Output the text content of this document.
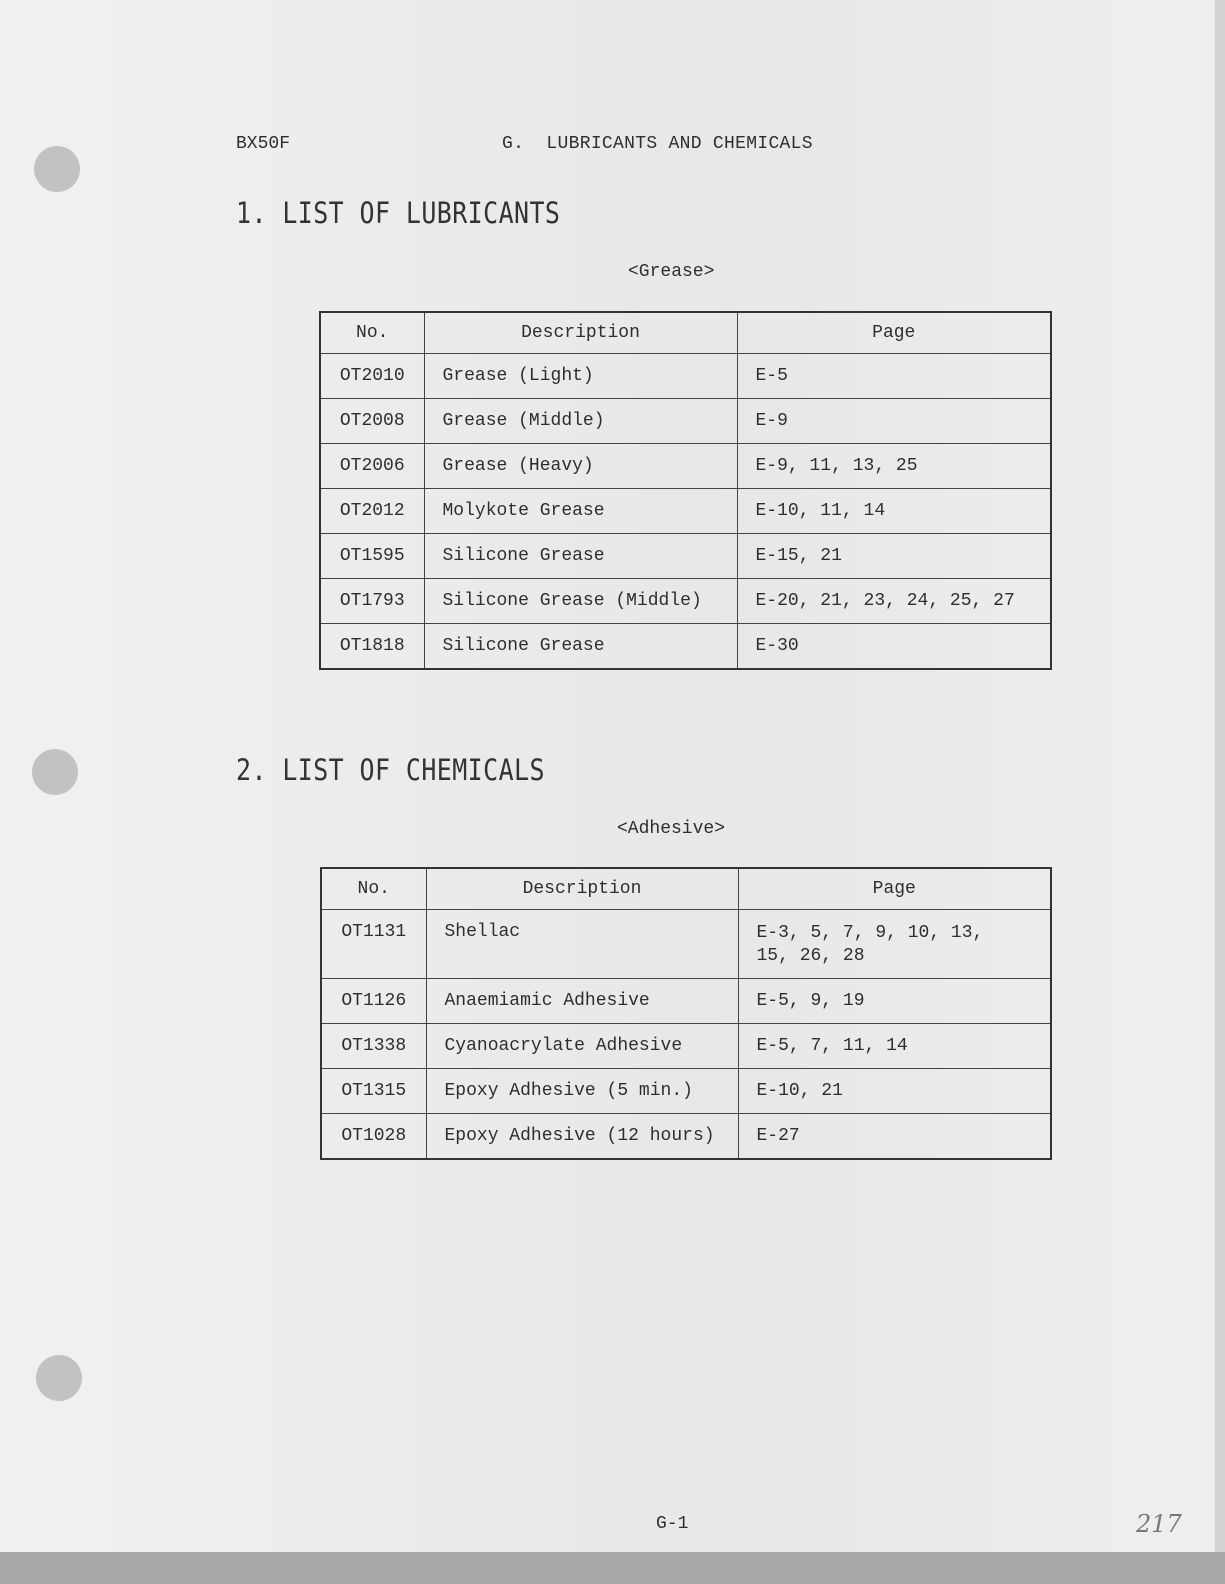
BX50F	G.  LUBRICANTS AND CHEMICALS
1. LIST OF LUBRICANTS
<Grease>
No.	Description	Page
OT2010	Grease (Light)	E-5
OT2008	Grease (Middle)	E-9
OT2006	Grease (Heavy)	E-9, 11, 13, 25
OT2012	Molykote Grease	E-10, 11, 14
OT1595	Silicone Grease	E-15, 21
OT1793	Silicone Grease (Middle)	E-20, 21, 23, 24, 25, 27
OT1818	Silicone Grease	E-30
2. LIST OF CHEMICALS
<Adhesive>
No.	Description	Page
OT1131	Shellac	E-3, 5, 7, 9, 10, 13,
15, 26, 28

OT1126	Anaemiamic Adhesive	E-5, 9, 19
OT1338	Cyanoacrylate Adhesive	E-5, 7, 11, 14
OT1315	Epoxy Adhesive (5 min.)	E-10, 21
OT1028	Epoxy Adhesive (12 hours)	E-27
G-1	217
